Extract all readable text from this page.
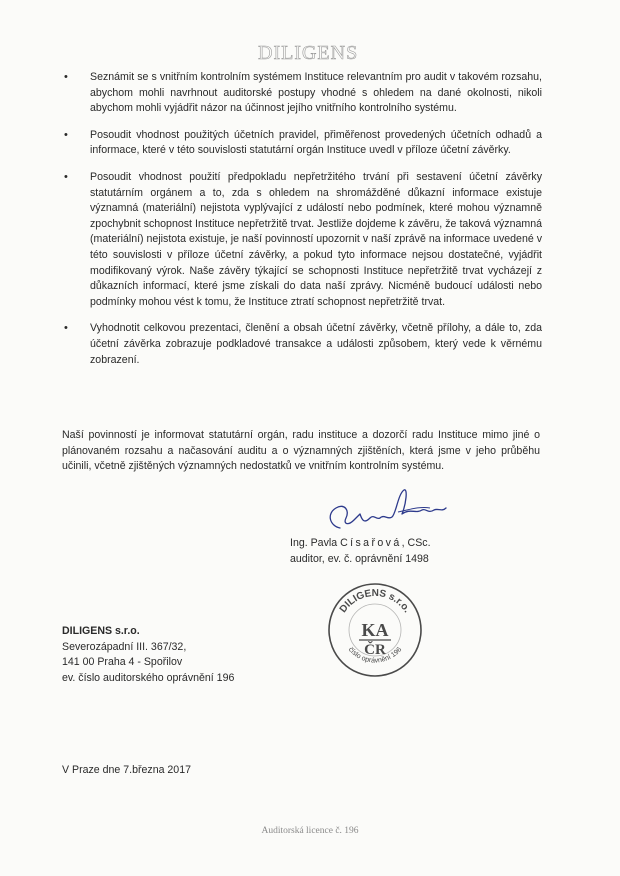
DILIGENS
• Seznámit se s vnitřním kontrolním systémem Instituce relevantním pro audit v takovém rozsahu, abychom mohli navrhnout auditorské postupy vhodné s ohledem na dané okolnosti, nikoli abychom mohli vyjádřit názor na účinnost jejího vnitřního kontrolního systému.
• Posoudit vhodnost použitých účetních pravidel, přiměřenost provedených účetních odhadů a informace, které v této souvislosti statutární orgán Instituce uvedl v příloze účetní závěrky.
• Posoudit vhodnost použití předpokladu nepřetržitého trvání při sestavení účetní závěrky statutárním orgánem a to, zda s ohledem na shromážděné důkazní informace existuje významná (materiální) nejistota vyplývající z událostí nebo podmínek, které mohou významně zpochybnit schopnost Instituce nepřetržitě trvat. Jestliže dojdeme k závěru, že taková významná (materiální) nejistota existuje, je naší povinností upozornit v naší zprávě na informace uvedené v této souvislosti v příloze účetní závěrky, a pokud tyto informace nejsou dostatečné, vyjádřit modifikovaný výrok. Naše závěry týkající se schopnosti Instituce nepřetržitě trvat vycházejí z důkazních informací, které jsme získali do data naší zprávy. Nicméně budoucí události nebo podmínky mohou vést k tomu, že Instituce ztratí schopnost nepřetržitě trvat.
• Vyhodnotit celkovou prezentaci, členění a obsah účetní závěrky, včetně přílohy, a dále to, zda účetní závěrka zobrazuje podkladové transakce a události způsobem, který vede k věrnému zobrazení.

Naší povinností je informovat statutární orgán, radu instituce a dozorčí radu Instituce mimo jiné o plánovaném rozsahu a načasování auditu a o významných zjištěních, která jsme v jeho průběhu učinili, včetně zjištěných významných nedostatků ve vnitřním kontrolním systému.

Ing. Pavla Císařová, CSc.
auditor, ev. č. oprávnění 1498
DILIGENS s.r.o.
KA
ČR
číslo oprávnění 196
DILIGENS s.r.o.
Severozápadní III. 367/32,
141 00 Praha 4 - Spořilov
ev. číslo auditorského oprávnění 196
V Praze dne 7.března 2017
Auditorská licence č. 196
